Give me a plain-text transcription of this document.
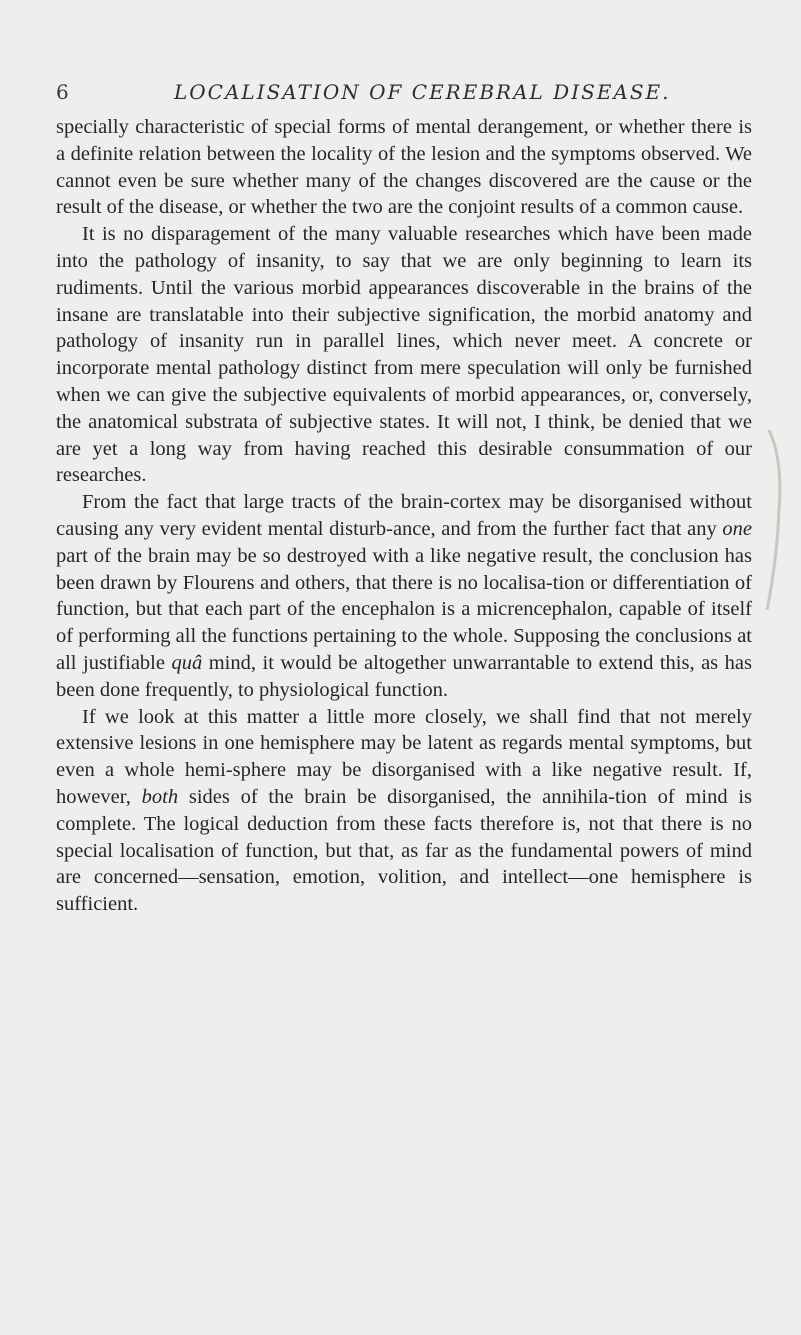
6	LOCALISATION OF CEREBRAL DISEASE.

specially characteristic of special forms of mental derangement, or whether there is a definite relation between the locality of the lesion and the symptoms observed. We cannot even be sure whether many of the changes discovered are the cause or the result of the disease, or whether the two are the conjoint results of a common cause.

It is no disparagement of the many valuable researches which have been made into the pathology of insanity, to say that we are only beginning to learn its rudiments. Until the various morbid appearances discoverable in the brains of the insane are translatable into their subjective signification, the morbid anatomy and pathology of insanity run in parallel lines, which never meet. A concrete or incorporate mental pathology distinct from mere speculation will only be furnished when we can give the subjective equivalents of morbid appearances, or, conversely, the anatomical substrata of subjective states. It will not, I think, be denied that we are yet a long way from having reached this desirable consummation of our researches.

From the fact that large tracts of the brain-cortex may be disorganised without causing any very evident mental disturb-ance, and from the further fact that any one part of the brain may be so destroyed with a like negative result, the conclusion has been drawn by Flourens and others, that there is no localisa-tion or differentiation of function, but that each part of the encephalon is a micrencephalon, capable of itself of performing all the functions pertaining to the whole. Supposing the conclusions at all justifiable quâ mind, it would be altogether unwarrantable to extend this, as has been done frequently, to physiological function.

If we look at this matter a little more closely, we shall find that not merely extensive lesions in one hemisphere may be latent as regards mental symptoms, but even a whole hemi-sphere may be disorganised with a like negative result. If, however, both sides of the brain be disorganised, the annihila-tion of mind is complete. The logical deduction from these facts therefore is, not that there is no special localisation of function, but that, as far as the fundamental powers of mind are concerned—sensation, emotion, volition, and intellect—one hemisphere is sufficient.
